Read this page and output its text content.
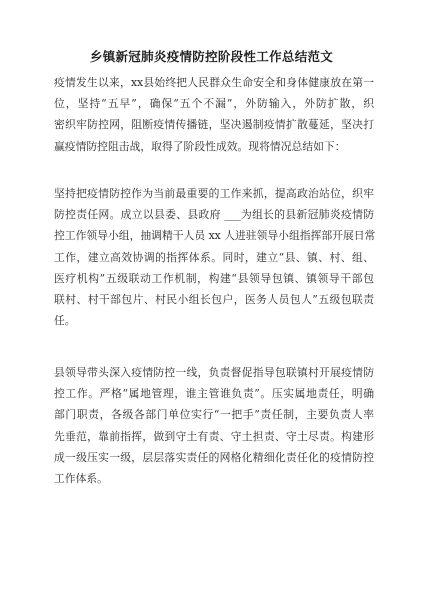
乡镇新冠肺炎疫情防控阶段性工作总结范文
疫情发生以来，xx县始终把人民群众生命安全和身体健康放在第一
位，坚持“五早”，确保“五个不漏”，外防输入，外防扩散，织
密织牢防控网，阻断疫情传播链，坚决遏制疫情扩散蔓延，坚决打
赢疫情防控阻击战，取得了阶段性成效。现将情况总结如下：
坚持把疫情防控作为当前最重要的工作来抓，提高政治站位，织牢
防控责任网。成立以县委、县政府 ___为组长的县新冠肺炎疫情防
控工作领导小组，抽调精干人员 xx 人进驻领导小组指挥部开展日常
工作，建立高效协调的指挥体系。同时，建立“县、镇、村、组、
医疗机构”五级联动工作机制，构建“县领导包镇、镇领导干部包
联村、村干部包片、村民小组长包户，医务人员包人”五级包联责
任。
县领导带头深入疫情防控一线，负责督促指导包联镇村开展疫情防
控工作。严格“属地管理，谁主管谁负责”。压实属地责任，明确
部门职责，各级各部门单位实行“一把手”责任制，主要负责人率
先垂范，靠前指挥，做到守土有责、守土担责、守土尽责。构建形
成一级压实一级，层层落实责任的网格化精细化责任化的疫情防控
工作体系。
